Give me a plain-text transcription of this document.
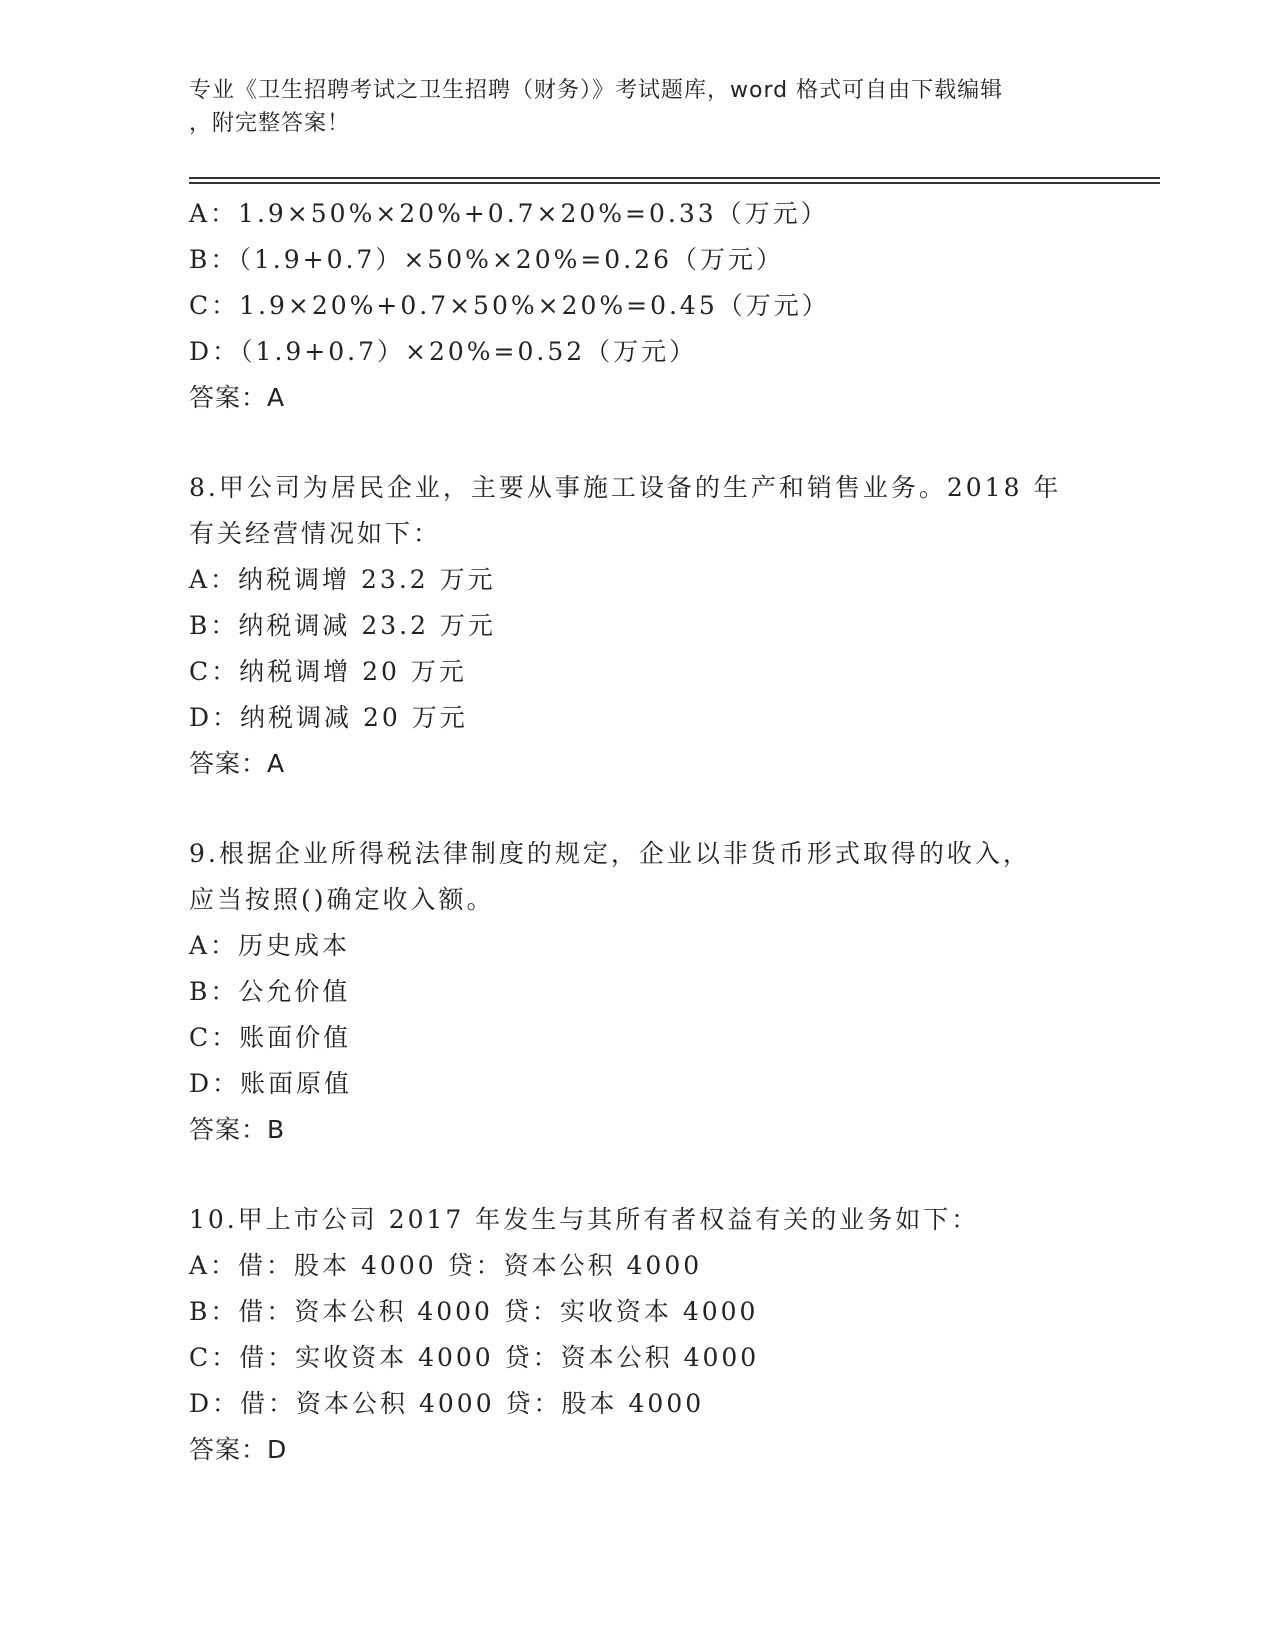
专业《卫生招聘考试之卫生招聘（财务）》考试题库，word 格式可自由下载编辑

，附完整答案！

A：1.9×50%×20%+0.7×20%=0.33（万元）
B：（1.9+0.7）×50%×20%=0.26（万元）
C：1.9×20%+0.7×50%×20%=0.45（万元）
D：（1.9+0.7）×20%=0.52（万元）
答案：A
8.甲公司为居民企业，主要从事施工设备的生产和销售业务。2018 年
有关经营情况如下：
A：纳税调增 23.2 万元
B：纳税调减 23.2 万元
C：纳税调增 20 万元
D：纳税调减 20 万元
答案：A
9.根据企业所得税法律制度的规定，企业以非货币形式取得的收入，
应当按照()确定收入额。
A：历史成本
B：公允价值
C：账面价值
D：账面原值
答案：B
10.甲上市公司 2017 年发生与其所有者权益有关的业务如下：
A：借：股本 4000 贷：资本公积 4000
B：借：资本公积 4000 贷：实收资本 4000
C：借：实收资本 4000 贷：资本公积 4000
D：借：资本公积 4000 贷：股本 4000
答案：D
